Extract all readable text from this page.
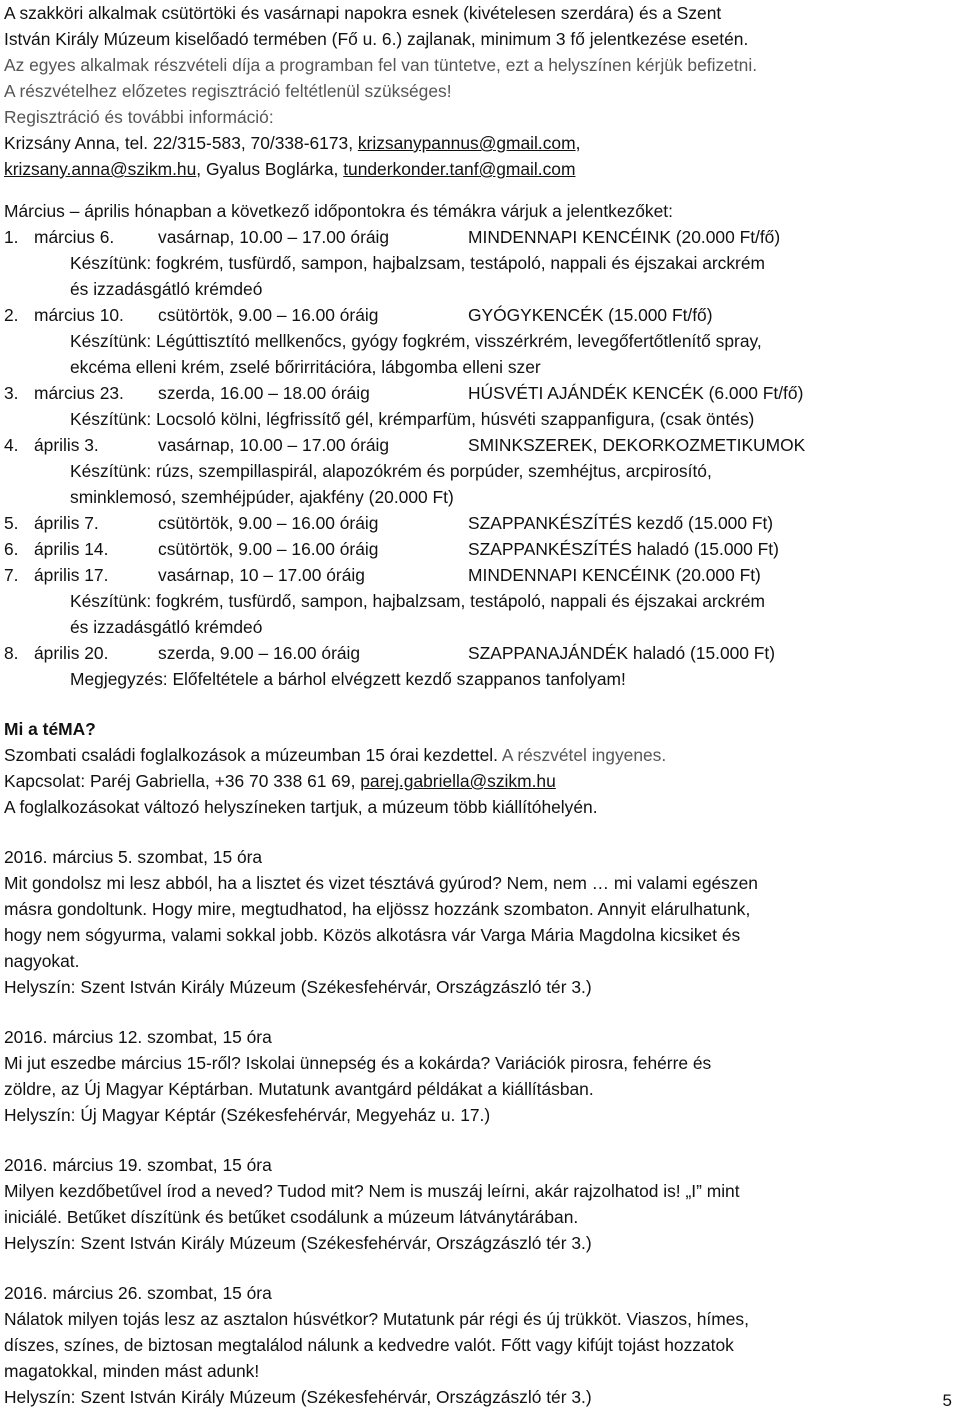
A szakköri alkalmak csütörtöki és vasárnapi napokra esnek (kivételesen szerdára) és a Szent
István Király Múzeum kiselőadó termében (Fő u. 6.) zajlanak, minimum 3 fő jelentkezése esetén.
Az egyes alkalmak részvételi díja a programban fel van tüntetve, ezt a helyszínen kérjük befizetni.
A részvételhez előzetes regisztráció feltétlenül szükséges!
Regisztráció és további információ:
Krizsány Anna, tel. 22/315-583, 70/338-6173, krizsanypannus@gmail.com,
krizsany.anna@szikm.hu, Gyalus Boglárka, tunderkonder.tanf@gmail.com
Március – április hónapban a következő időpontokra és témákra várjuk a jelentkezőket:
1. március 6.	vasárnap, 10.00 – 17.00 óráig	MINDENNAPI KENCÉINK (20.000 Ft/fő)
Készítünk: fogkrém, tusfürdő, sampon, hajbalzsam, testápoló, nappali és éjszakai arckrém
és izzadásgátló krémdeó
2. március 10. csütörtök, 9.00 – 16.00 óráig	GYÓGYKENCÉK (15.000 Ft/fő)
Készítünk: Légúttisztító mellkenőcs, gyógy fogkrém, visszérkrém, levegőfertőtlenítő spray,
ekcéma elleni krém, zselé bőrirritációra, lábgomba elleni szer
3. március 23. szerda, 16.00 – 18.00 óráig	HÚSVÉTI AJÁNDÉK KENCÉK (6.000 Ft/fő)
Készítünk: Locsoló kölni, légfrissítő gél, krémparfüm, húsvéti szappanfigura, (csak öntés)
4. április 3.	vasárnap, 10.00 – 17.00 óráig	SMINKSZEREK, DEKORKOZMETIKUMOK
Készítünk: rúzs, szempillaspirál, alapozókrém és porpúder, szemhéjtus, arcpirosító,
sminklemosó, szemhéjpúder, ajakfény (20.000 Ft)
5. április 7.	csütörtök, 9.00 – 16.00 óráig	SZAPPANKÉSZÍTÉS kezdő (15.000 Ft)
6. április 14.	csütörtök, 9.00 – 16.00 óráig	SZAPPANKÉSZÍTÉS haladó (15.000 Ft)
7. április 17.	vasárnap, 10 – 17.00 óráig	MINDENNAPI KENCÉINK (20.000 Ft)
Készítünk: fogkrém, tusfürdő, sampon, hajbalzsam, testápoló, nappali és éjszakai arckrém
és izzadásgátló krémdeó
8. április 20.	szerda, 9.00 – 16.00 óráig	SZAPPANAJÁNDÉK haladó (15.000 Ft)
Megjegyzés: Előfeltétele a bárhol elvégzett kezdő szappanos tanfolyam!
Mi a téMA?
Szombati családi foglalkozások a múzeumban 15 órai kezdettel. A részvétel ingyenes.
Kapcsolat: Paréj Gabriella, +36 70 338 61 69, parej.gabriella@szikm.hu
A foglalkozásokat változó helyszíneken tartjuk, a múzeum több kiállítóhelyén.
2016. március 5. szombat, 15 óra
Mit gondolsz mi lesz abból, ha a lisztet és vizet tésztává gyúrod? Nem, nem … mi valami egészen
másra gondoltunk. Hogy mire, megtudhatod, ha eljössz hozzánk szombaton. Annyit elárulhatunk,
hogy nem sógyurma, valami sokkal jobb. Közös alkotásra vár Varga Mária Magdolna kicsiket és
nagyokat.
Helyszín: Szent István Király Múzeum (Székesfehérvár, Országzászló tér 3.)
2016. március 12. szombat, 15 óra
Mi jut eszedbe március 15-ről? Iskolai ünnepség és a kokárda? Variációk pirosra, fehérre és
zöldre, az Új Magyar Képtárban. Mutatunk avantgárd példákat a kiállításban.
Helyszín: Új Magyar Képtár (Székesfehérvár, Megyeház u. 17.)
2016. március 19. szombat, 15 óra
Milyen kezdőbetűvel írod a neved? Tudod mit? Nem is muszáj leírni, akár rajzolhatod is! „I” mint
iniciálé. Betűket díszítünk és betűket csodálunk a múzeum látványtárában.
Helyszín: Szent István Király Múzeum (Székesfehérvár, Országzászló tér 3.)
2016. március 26. szombat, 15 óra
Nálatok milyen tojás lesz az asztalon húsvétkor? Mutatunk pár régi és új trükköt. Viaszos, hímes,
díszes, színes, de biztosan megtalálod nálunk a kedvedre valót. Főtt vagy kifújt tojást hozzatok
magatokkal, minden mást adunk!
Helyszín: Szent István Király Múzeum (Székesfehérvár, Országzászló tér 3.)	5
